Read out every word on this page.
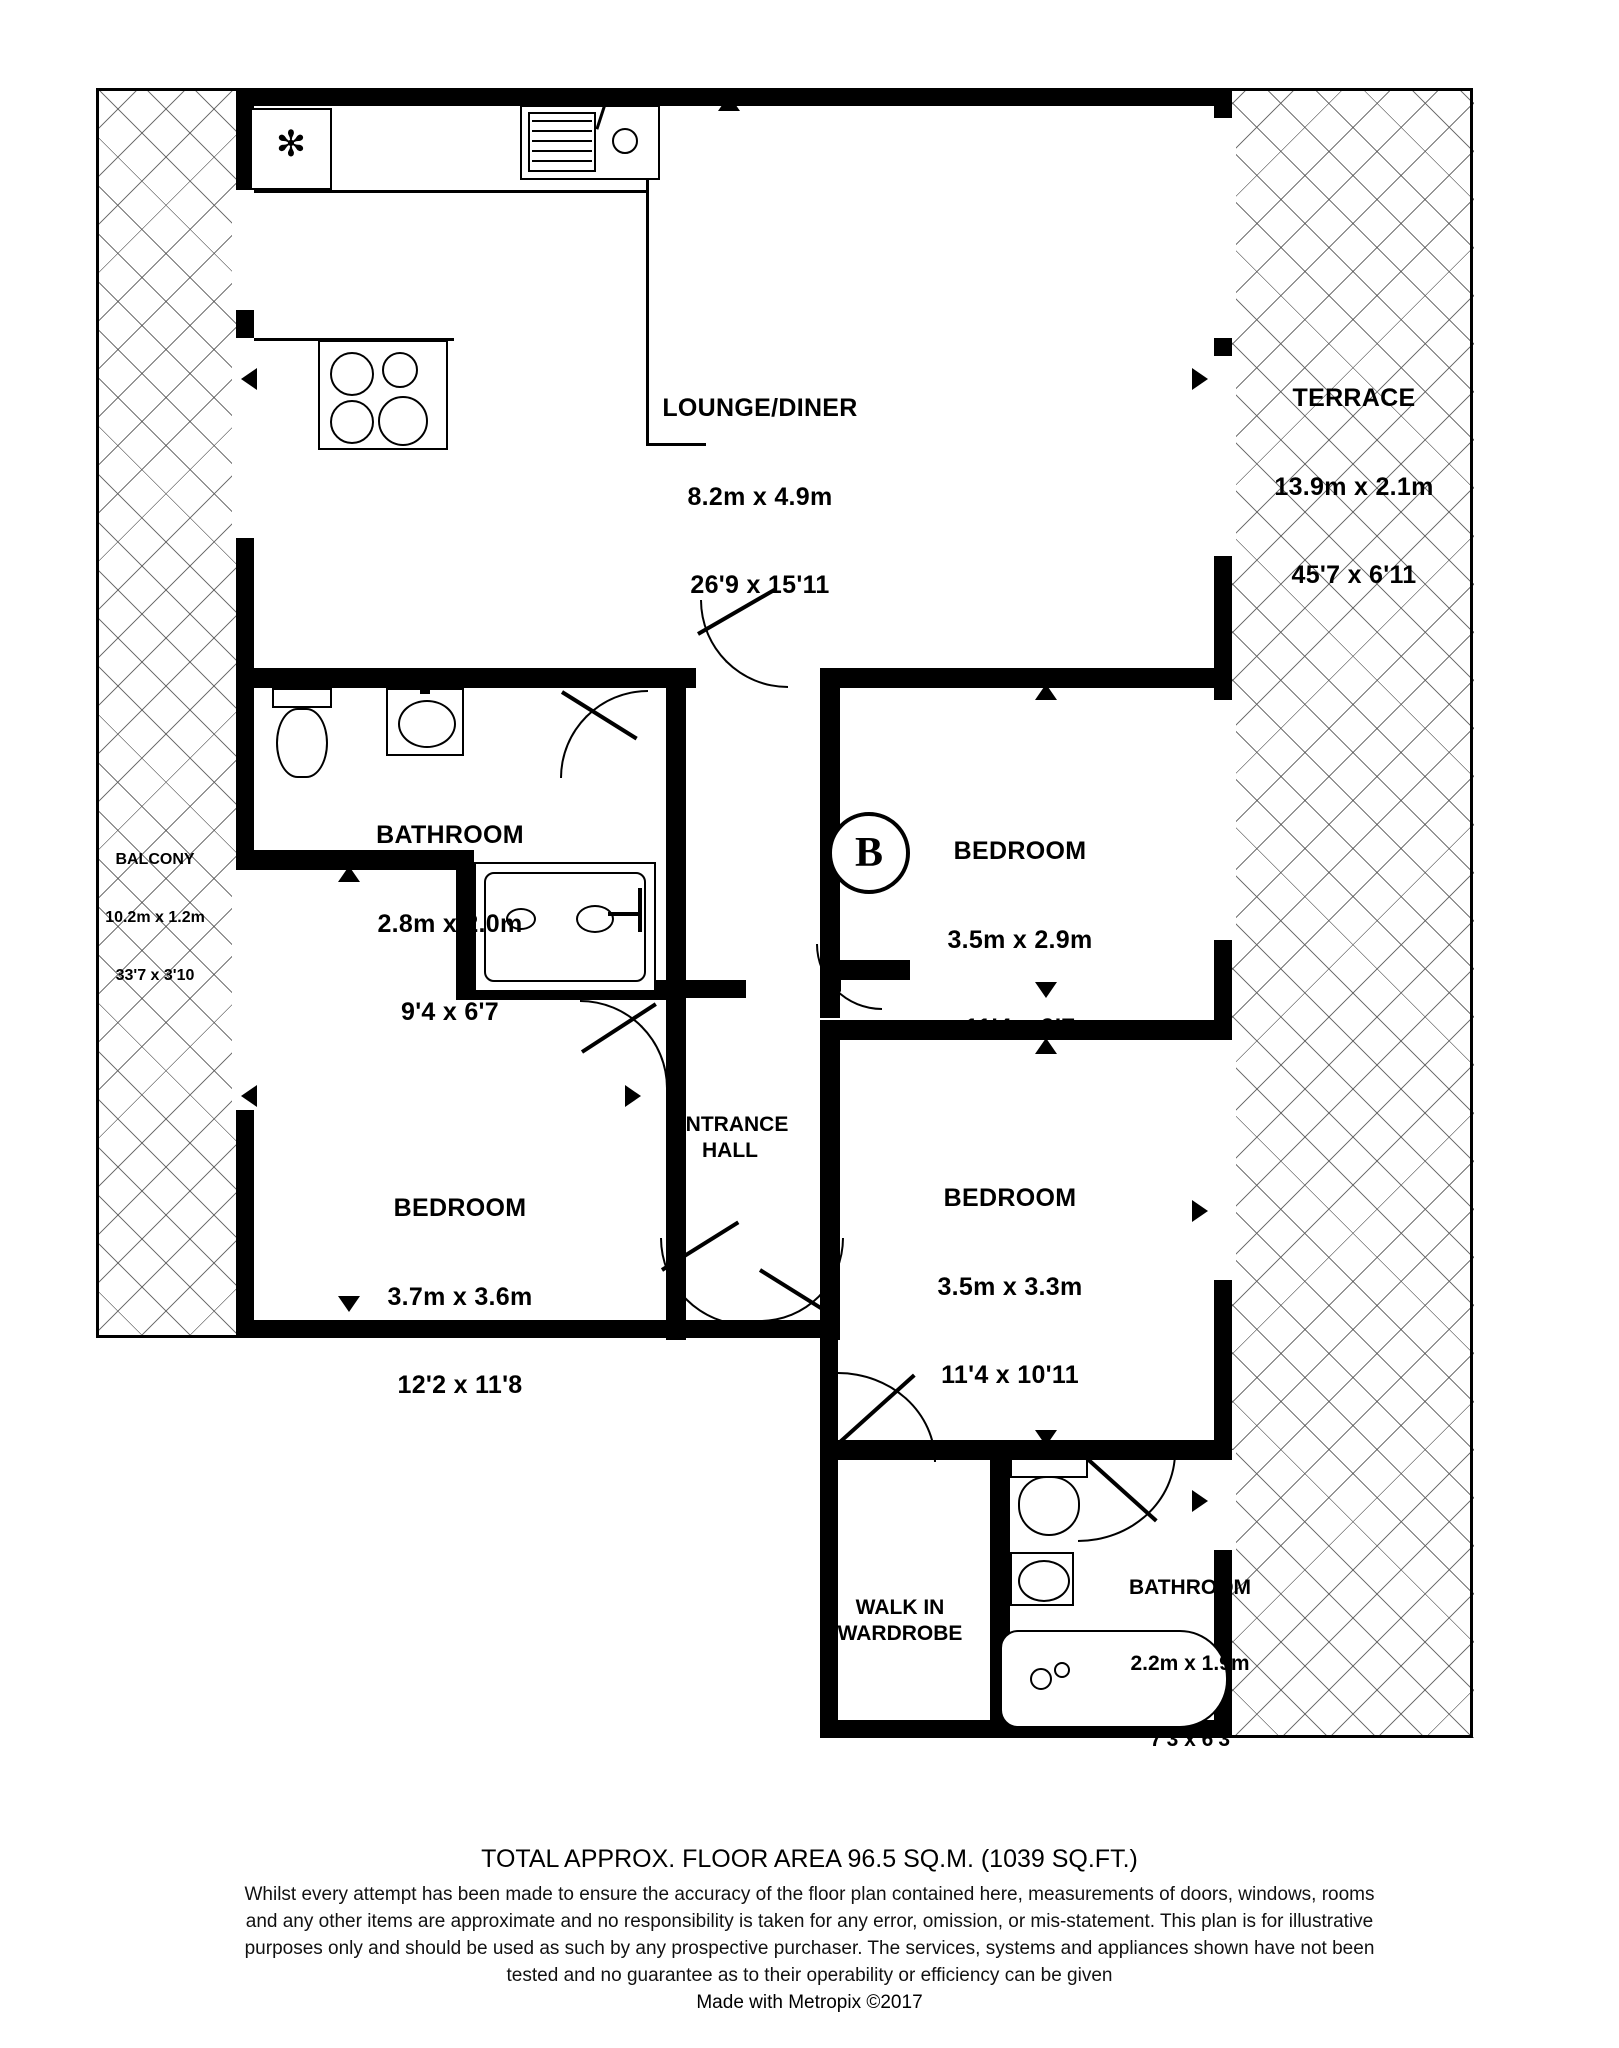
✻
B

LOUNGE/DINER

8.2m x 4.9m

26'9 x 15'11

TERRACE

13.9m x 2.1m

45'7 x 6'11

BATHROOM

2.8m x 2.0m

9'4 x 6'7

BALCONY

10.2m x 1.2m

33'7 x 3'10

BEDROOM

3.5m x 2.9m

11'4 x 9'7

BEDROOM

3.7m x 3.6m

12'2 x 11'8

BEDROOM

3.5m x 3.3m

11'4 x 10'11

BATHROOM

2.2m x 1.9m

7'3 x 6'3

ENTRANCE
HALL

WALK IN
WARDROBE

TOTAL APPROX. FLOOR AREA 96.5 SQ.M. (1039 SQ.FT.)
Whilst every attempt has been made to ensure the accuracy of the floor plan contained here, measurements of doors, windows, rooms and any other items are approximate and no responsibility is taken for any error, omission, or mis-statement. This plan is for illustrative purposes only and should be used as such by any prospective purchaser. The services, systems and appliances shown have not been tested and no guarantee as to their operability or efficiency can be given
Made with Metropix ©2017
